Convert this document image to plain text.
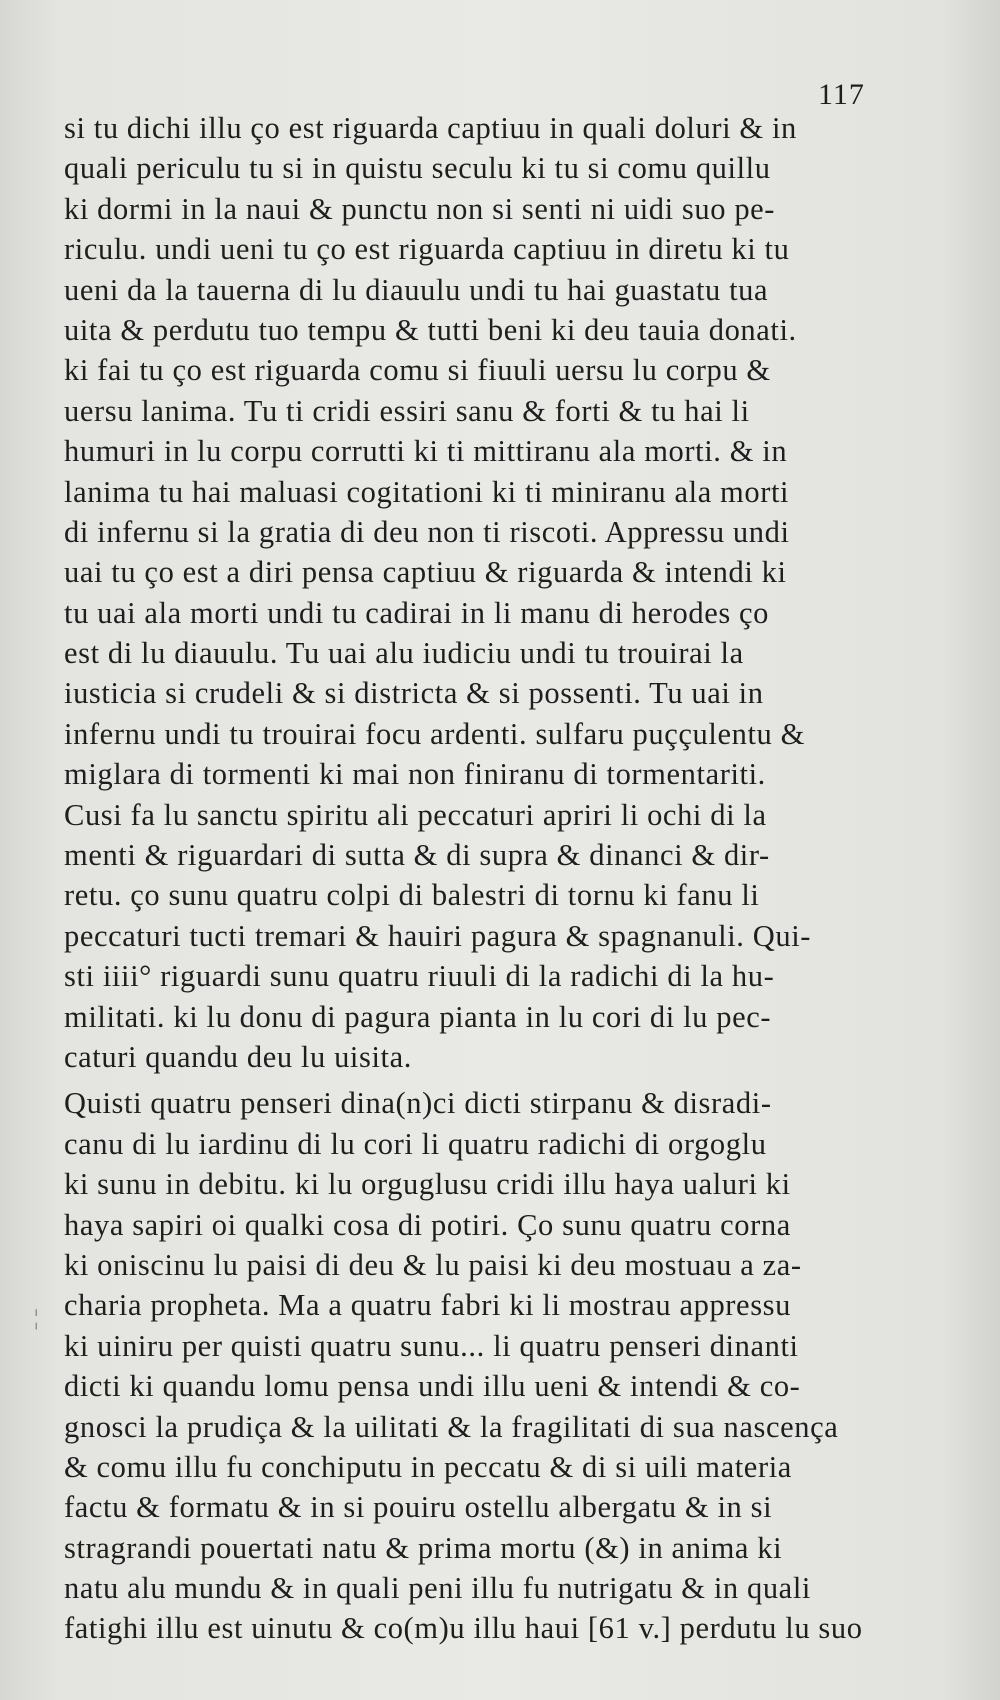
117
¦
si tu dichi illu ço est riguarda captiuu in quali doluri & in
quali periculu tu si in quistu seculu ki tu si comu quillu
ki dormi in la naui & punctu non si senti ni uidi suo pe-
riculu. undi ueni tu ço est riguarda captiuu in diretu ki tu
ueni da la tauerna di lu diauulu undi tu hai guastatu tua
uita & perdutu tuo tempu & tutti beni ki deu tauia donati.
ki fai tu ço est riguarda comu si fiuuli uersu lu corpu &
uersu lanima. Tu ti cridi essiri sanu & forti & tu hai li
humuri in lu corpu corrutti ki ti mittiranu ala morti. & in
lanima tu hai maluasi cogitationi ki ti miniranu ala morti
di infernu si la gratia di deu non ti riscoti. Appressu undi
uai tu ço est a diri pensa captiuu & riguarda & intendi ki
tu uai ala morti undi tu cadirai in li manu di herodes ço
est di lu diauulu. Tu uai alu iudiciu undi tu trouirai la
iusticia si crudeli & si districta & si possenti. Tu uai in
infernu undi tu trouirai focu ardenti. sulfaru puççulentu &
miglara di tormenti ki mai non finiranu di tormentariti.
Cusi fa lu sanctu spiritu ali peccaturi apriri li ochi di la
menti & riguardari di sutta & di supra & dinanci & dir-
retu. ço sunu quatru colpi di balestri di tornu ki fanu li
peccaturi tucti tremari & hauiri pagura & spagnanuli. Qui-
sti iiii° riguardi sunu quatru riuuli di la radichi di la hu-
militati. ki lu donu di pagura pianta in lu cori di lu pec-
caturi quandu deu lu uisita.
Quisti quatru penseri dina(n)ci dicti stirpanu & disradi-
canu di lu iardinu di lu cori li quatru radichi di orgoglu
ki sunu in debitu. ki lu orguglusu cridi illu haya ualuri ki
haya sapiri oi qualki cosa di potiri. Ço sunu quatru corna
ki oniscinu lu paisi di deu & lu paisi ki deu mostuau a za-
charia propheta. Ma a quatru fabri ki li mostrau appressu
ki uiniru per quisti quatru sunu... li quatru penseri dinanti
dicti ki quandu lomu pensa undi illu ueni & intendi & co-
gnosci la prudiça & la uilitati & la fragilitati di sua nascença
& comu illu fu conchiputu in peccatu & di si uili materia
factu & formatu & in si pouiru ostellu albergatu & in si
stragrandi pouertati natu & prima mortu (&) in anima ki
natu alu mundu & in quali peni illu fu nutrigatu & in quali
fatighi illu est uinutu & co(m)u illu haui [61 v.] perdutu lu suo
